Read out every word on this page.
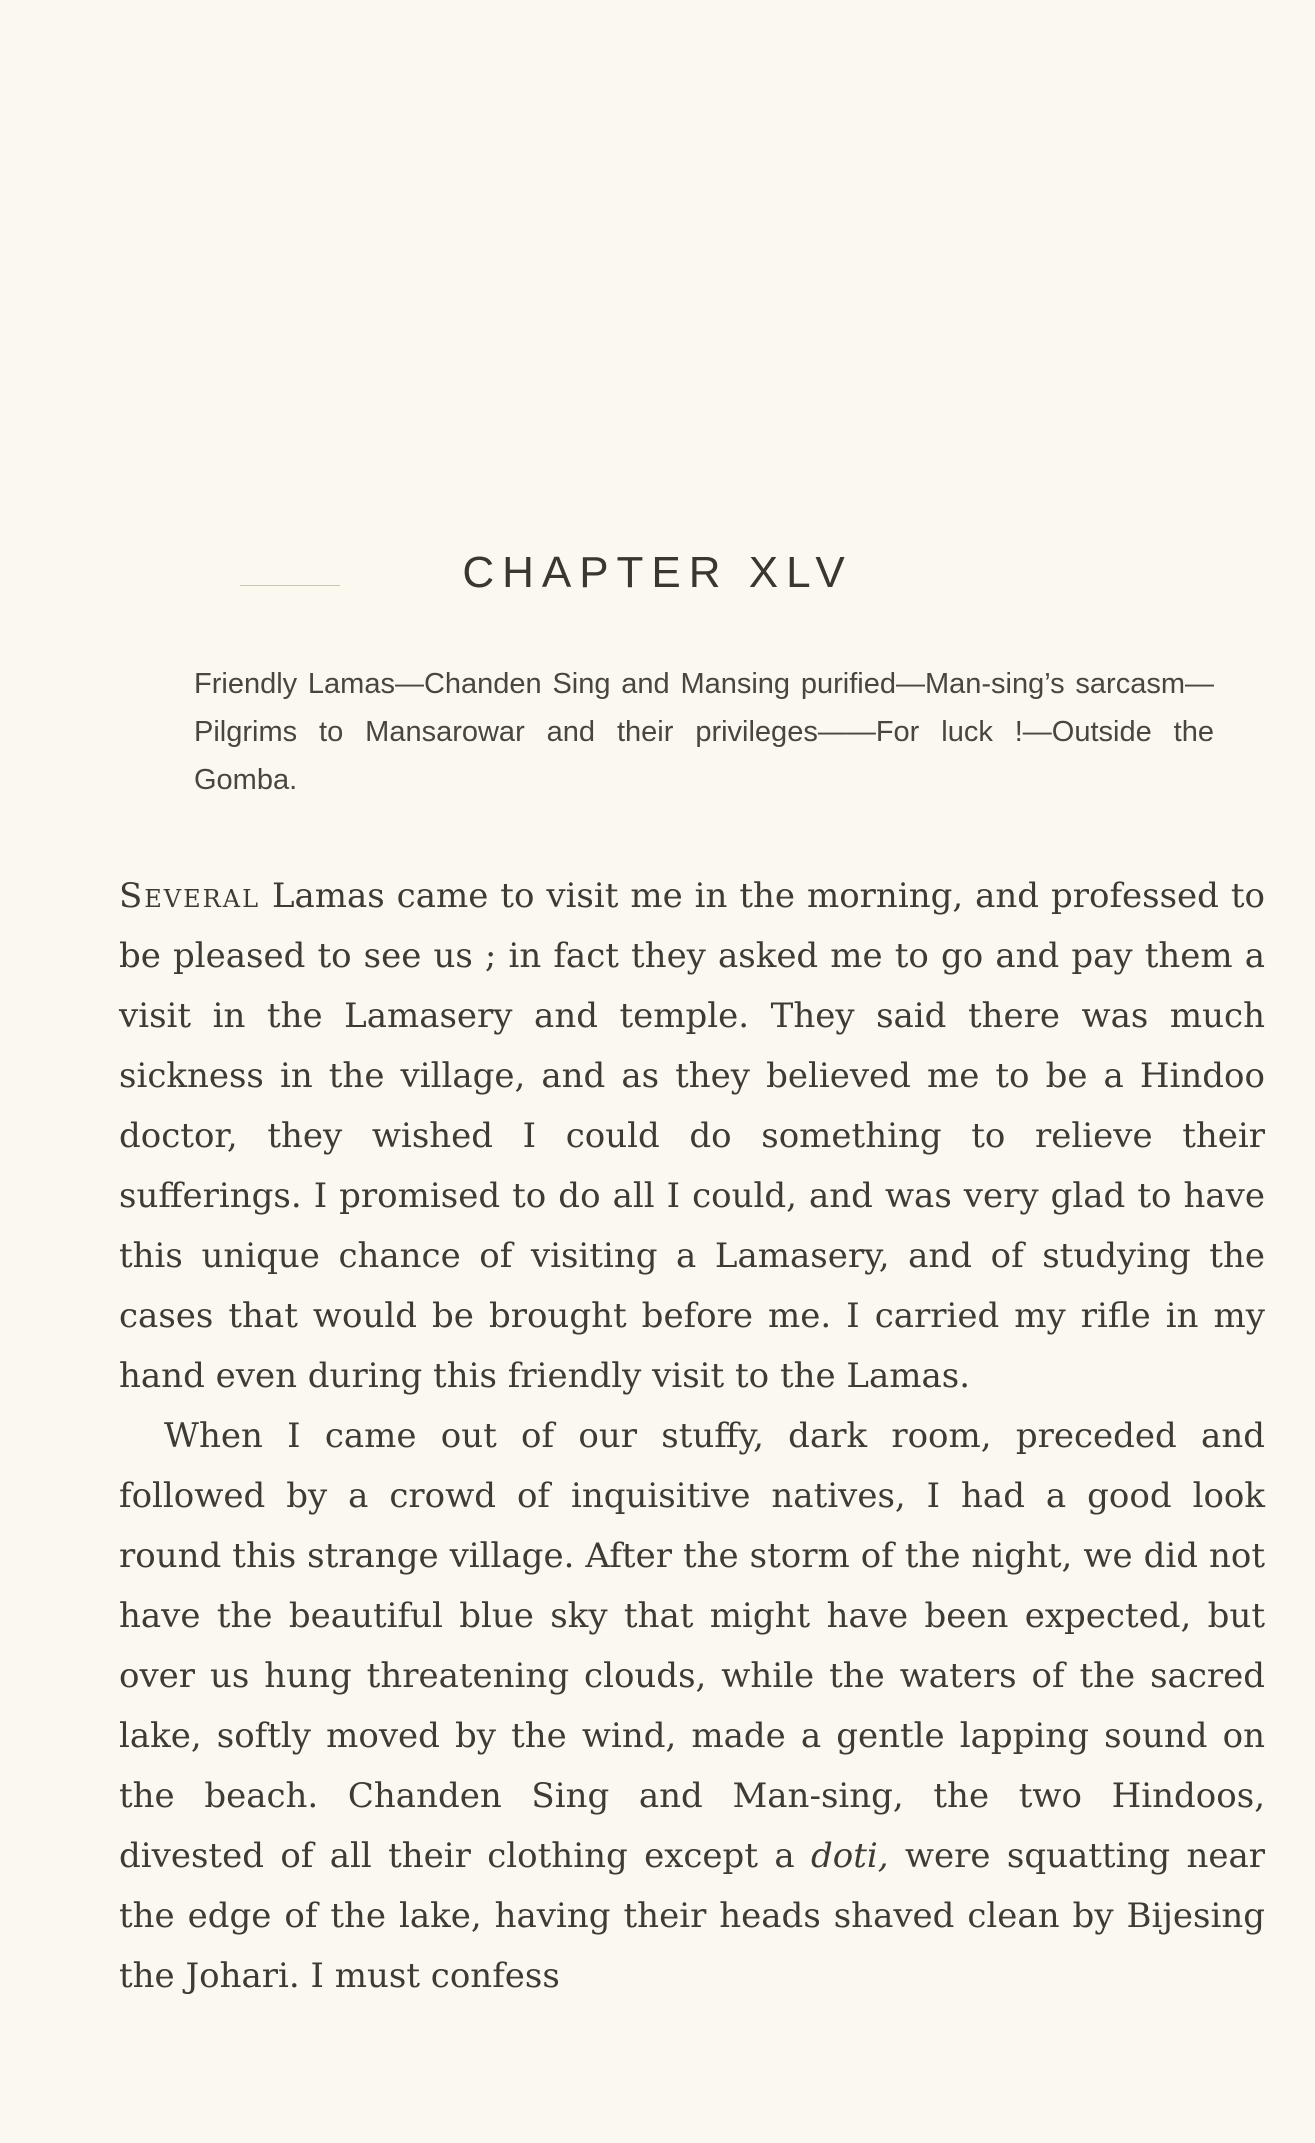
CHAPTER XLV

Friendly Lamas—Chanden Sing and Mansing purified—Man-sing’s sarcasm—Pilgrims to Mansarowar and their privileges——For luck !—Outside the Gomba.

Several Lamas came to visit me in the morning, and professed to be pleased to see us ; in fact they asked me to go and pay them a visit in the Lamasery and temple. They said there was much sickness in the village, and as they believed me to be a Hindoo doctor, they wished I could do something to relieve their sufferings. I promised to do all I could, and was very glad to have this unique chance of visiting a Lamasery, and of studying the cases that would be brought before me. I carried my rifle in my hand even during this friendly visit to the Lamas.

When I came out of our stuffy, dark room, preceded and followed by a crowd of inquisitive natives, I had a good look round this strange village. After the storm of the night, we did not have the beautiful blue sky that might have been expected, but over us hung threatening clouds, while the waters of the sacred lake, softly moved by the wind, made a gentle lapping sound on the beach. Chanden Sing and Man-sing, the two Hindoos, divested of all their clothing except a doti, were squatting near the edge of the lake, having their heads shaved clean by Bijesing the Johari. I must confess
